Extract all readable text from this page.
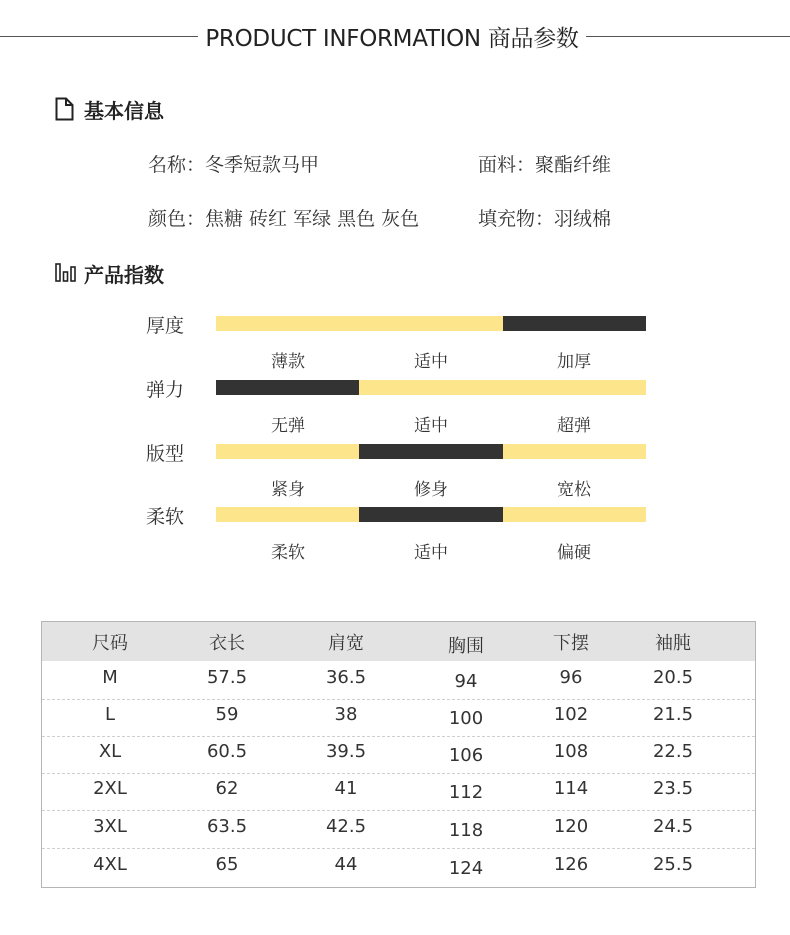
PRODUCT INFORMATION 商品参数
基本信息
名称：冬季短款马甲	面料：聚酯纤维
颜色：焦糖 砖红 军绿 黑色 灰色	填充物：羽绒棉
产品指数
厚度
薄款	适中	加厚
弹力
无弹	适中	超弹
版型
紧身	修身	宽松
柔软
柔软	适中	偏硬
尺码	衣长	肩宽	胸围	下摆	袖肫
M	57.5	36.5	94	96	20.5
L	59	38	100	102	21.5
XL	60.5	39.5	106	108	22.5
2XL	62	41	112	114	23.5
3XL	63.5	42.5	118	120	24.5
4XL	65	44	124	126	25.5
